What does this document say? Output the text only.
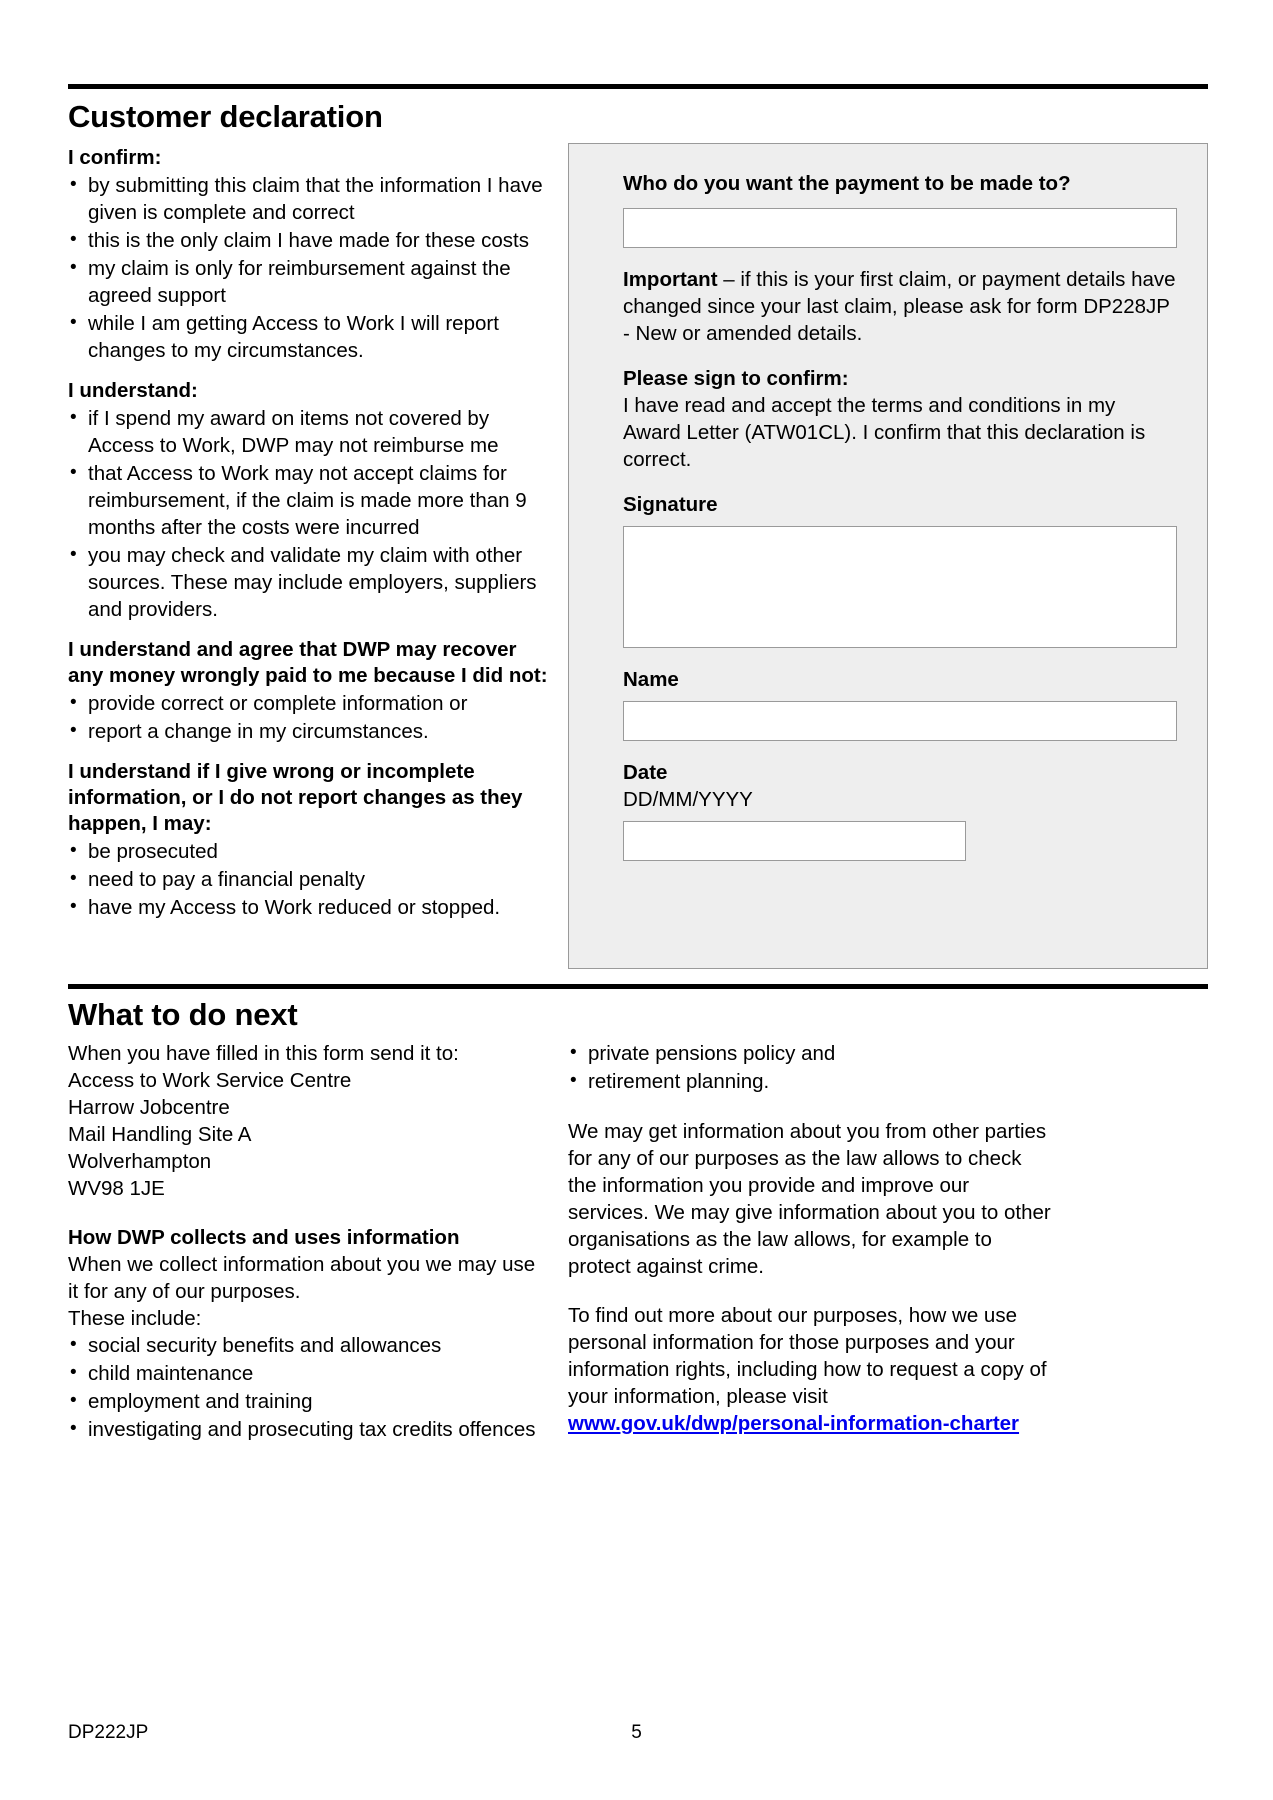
Customer declaration

I confirm:

• by submitting this claim that the information I have given is complete and correct
• this is the only claim I have made for these costs
• my claim is only for reimbursement against the agreed support
• while I am getting Access to Work I will report changes to my circumstances.

I understand:

• if I spend my award on items not covered by Access to Work, DWP may not reimburse me
• that Access to Work may not accept claims for reimbursement, if the claim is made more than 9 months after the costs were incurred
• you may check and validate my claim with other sources. These may include employers, suppliers and providers.

I understand and agree that DWP may recover any money wrongly paid to me because I did not:

• provide correct or complete information or
• report a change in my circumstances.

I understand if I give wrong or incomplete information, or I do not report changes as they happen, I may:

• be prosecuted
• need to pay a financial penalty
• have my Access to Work reduced or stopped.
Who do you want the payment to be made to?

Important – if this is your first claim, or payment details have changed since your last claim, please ask for form DP228JP - New or amended details.

Please sign to confirm:

I have read and accept the terms and conditions in my Award Letter (ATW01CL). I confirm that this declaration is correct.

Signature

Name

Date

DD/MM/YYYY

What to do next

When you have filled in this form send it to:

Access to Work Service Centre

Harrow Jobcentre

Mail Handling Site A

Wolverhampton

WV98 1JE

How DWP collects and uses information

When we collect information about you we may use it for any of our purposes.

These include:

• social security benefits and allowances
• child maintenance
• employment and training
• investigating and prosecuting tax credits offences
• private pensions policy and
• retirement planning.

We may get information about you from other parties for any of our purposes as the law allows to check the information you provide and improve our services. We may give information about you to other organisations as the law allows, for example to protect against crime.

To find out more about our purposes, how we use personal information for those purposes and your information rights, including how to request a copy of your information, please visit www.gov.uk/dwp/personal-information-charter

DP222JP	5
